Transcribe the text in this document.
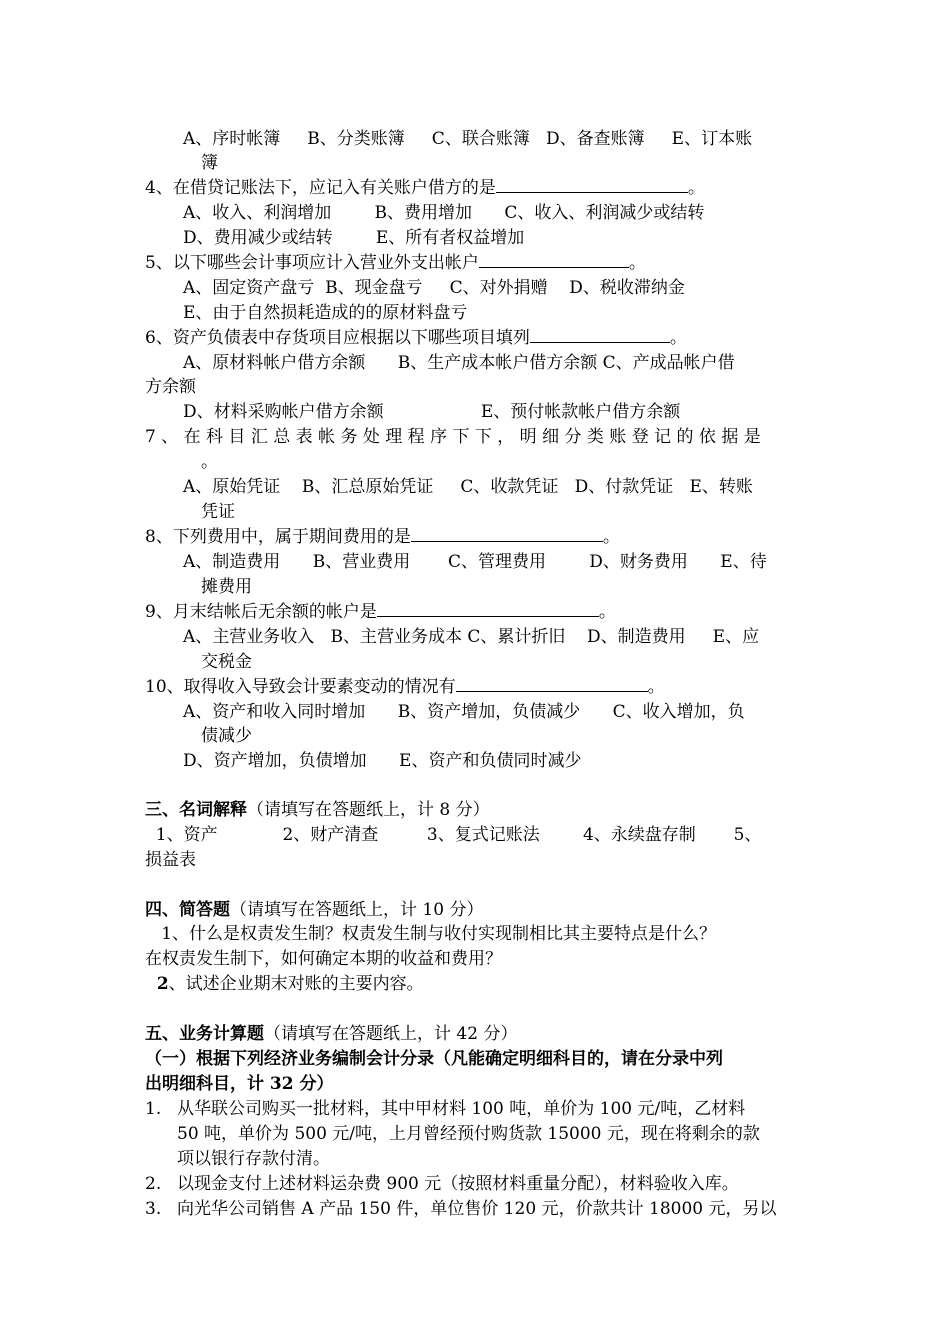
A、序时帐簿     B、分类账簿     C、联合账簿   D、备查账簿     E、订本账
簿
4、在借贷记账法下，应记入有关账户借方的是	。
A、收入、利润增加        B、费用增加      C、收入、利润减少或结转
D、费用减少或结转        E、所有者权益增加
5、以下哪些会计事项应计入营业外支出帐户	。
A、固定资产盘亏  B、现金盘亏     C、对外捐赠    D、税收滞纳金
E、由于自然损耗造成的的原材料盘亏
6、资产负债表中存货项目应根据以下哪些项目填列	。
A、原材料帐户借方余额      B、生产成本帐户借方余额 C、产成品帐户借
方余额
D、材料采购帐户借方余额                  E、预付帐款帐户借方余额
7 、 在 科 目 汇 总 表 帐 务 处 理 程 序 下 下 ， 明 细 分 类 账 登 记 的 依 据 是
。
A、原始凭证    B、汇总原始凭证     C、收款凭证   D、付款凭证   E、转账
凭证
8、下列费用中，属于期间费用的是	。
A、制造费用      B、营业费用       C、管理费用        D、财务费用      E、待
摊费用
9、月末结帐后无余额的帐户是	。
A、主营业务收入   B、主营业务成本 C、累计折旧    D、制造费用     E、应
交税金
10、取得收入导致会计要素变动的情况有	。
A、资产和收入同时增加      B、资产增加，负债减少      C、收入增加，负
债减少
D、资产增加，负债增加      E、资产和负债同时减少
三、名词解释（请填写在答题纸上，计 8 分）
1、资产            2、财产清查         3、复式记账法        4、永续盘存制       5、
损益表
四、简答题（请填写在答题纸上，计 10 分）
1、什么是权责发生制？权责发生制与收付实现制相比其主要特点是什么？
在权责发生制下，如何确定本期的收益和费用？
2、试述企业期末对账的主要内容。
五、业务计算题（请填写在答题纸上，计 42 分）
（一）根据下列经济业务编制会计分录（凡能确定明细科目的，请在分录中列
出明细科目，计 32 分）
1. 从华联公司购买一批材料，其中甲材料 100 吨，单价为 100 元/吨，乙材料
50 吨，单价为 500 元/吨，上月曾经预付购货款 15000 元，现在将剩余的款
项以银行存款付清。
2. 以现金支付上述材料运杂费 900 元（按照材料重量分配），材料验收入库。
3. 向光华公司销售 A 产品 150 件，单位售价 120 元，价款共计 18000 元，另以
